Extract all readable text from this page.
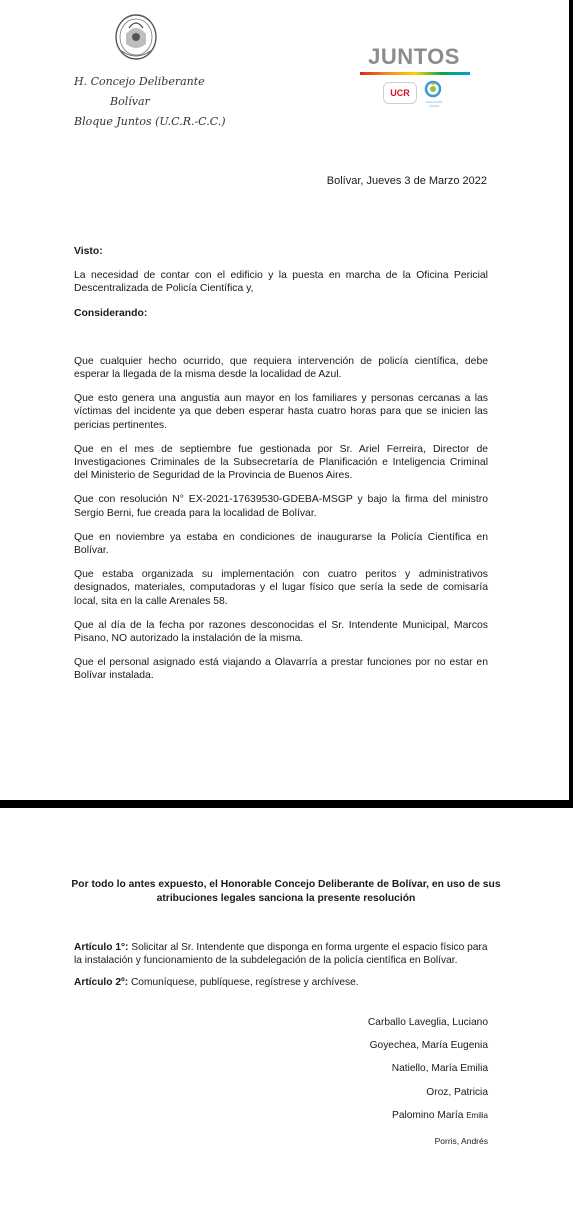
H. Concejo Deliberante
Bolívar
Bloque Juntos (U.C.R.-C.C.)
JUNTOS
UCR
COALICIÓN CÍVICA
Bolívar, Jueves 3 de Marzo 2022

Visto:

La necesidad de contar con el edificio y la puesta en marcha de la Oficina Pericial Descentralizada de Policía Científica y,

Considerando:

Que cualquier hecho ocurrido, que requiera intervención de policía científica, debe esperar la llegada de la misma desde la localidad de Azul.

Que esto genera una angustia aun mayor en los familiares y personas cercanas a las víctimas del incidente ya que deben esperar hasta cuatro horas para que se inicien las pericias pertinentes.

Que en el mes de septiembre fue gestionada por Sr. Ariel Ferreira, Director de Investigaciones Criminales de la Subsecretaría de Planificación e Inteligencia Criminal del Ministerio de Seguridad de la Provincia de Buenos Aires.

Que con resolución N° EX-2021-17639530-GDEBA-MSGP y bajo la firma del ministro Sergio Berni, fue creada para la localidad de Bolívar.

Que en noviembre ya estaba en condiciones de inaugurarse la Policía Científica en Bolívar.

Que estaba organizada su implementación con cuatro peritos y administrativos designados, materiales, computadoras y el lugar físico que sería la sede de comisaría local, sita en la calle Arenales 58.

Que al día de la fecha por razones desconocidas el Sr. Intendente Municipal, Marcos Pisano, NO autorizado la instalación de la misma.

Que el personal asignado está viajando a Olavarría a prestar funciones por no estar en Bolívar instalada.

Por todo lo antes expuesto, el Honorable Concejo Deliberante de Bolívar, en uso de sus atribuciones legales sanciona la presente resolución

Artículo 1°: Solicitar al Sr. Intendente que disponga en forma urgente el espacio físico para la instalación y funcionamiento de la subdelegación de la policía científica en Bolívar.

Artículo 2º: Comuníquese, publíquese, regístrese y archívese.

Carballo Laveglia, Luciano
Goyechea, María Eugenia
Natiello, María Emilia
Oroz, Patricia
Palomino María Emilia
Porris, Andrés
